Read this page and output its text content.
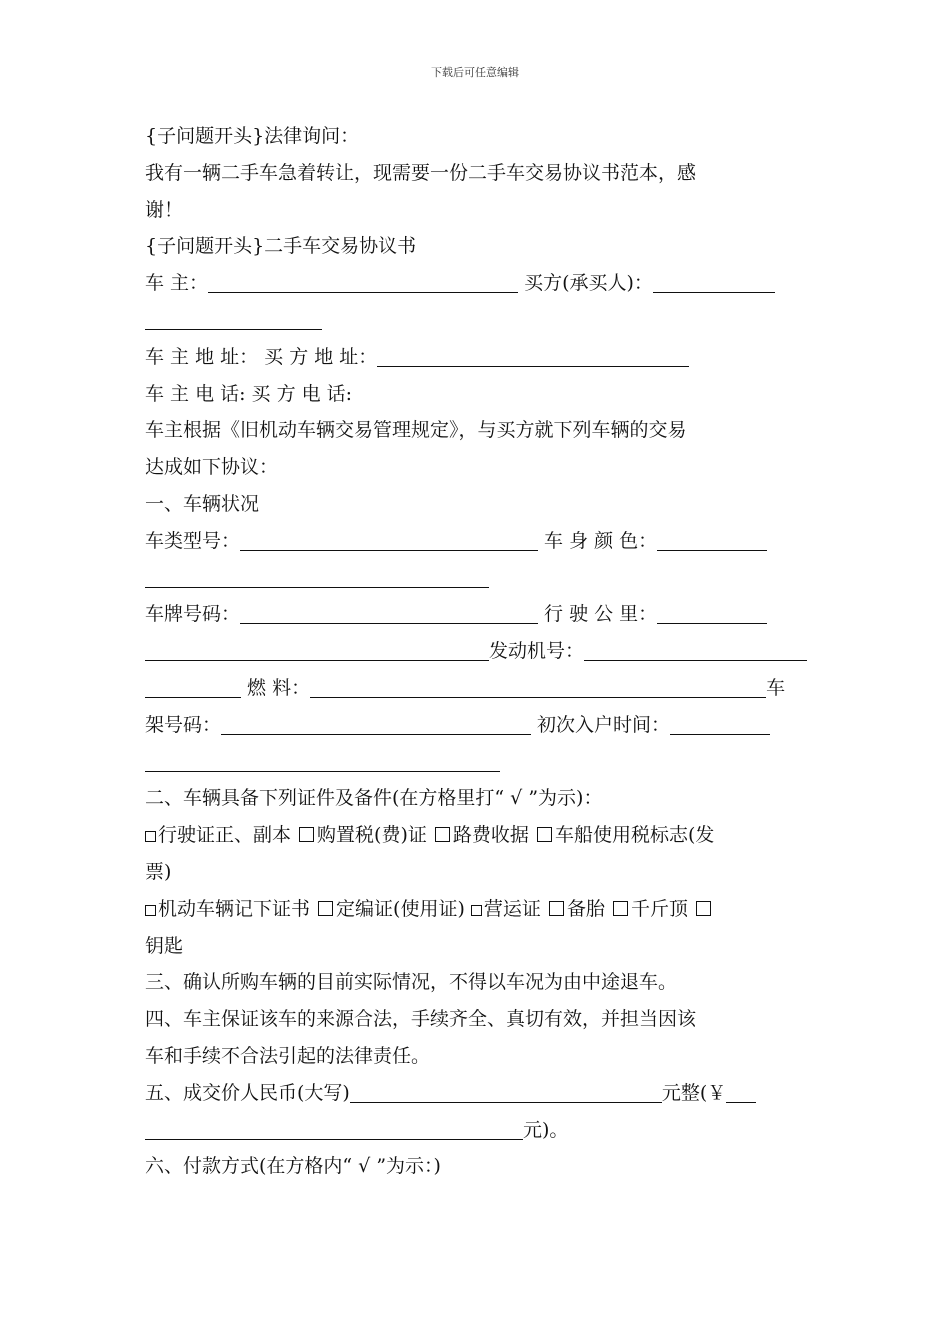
下载后可任意编辑
{子问题开头}法律询问：
我有一辆二手车急着转让，现需要一份二手车交易协议书范本，感
谢！
{子问题开头}二手车交易协议书
车 主：	买方(承买人)：
车 主 地 址： 买 方 地 址：
车 主 电 话: 买 方 电 话:
车主根据《旧机动车辆交易管理规定》，与买方就下列车辆的交易
达成如下协议：
一、车辆状况
车类型号：	车 身 颜 色：
车牌号码：	行 驶 公 里：
发动机号：
燃 料：	车
架号码：	初次入户时间：
二、车辆具备下列证件及备件(在方格里打“ √ ”为示)：
行驶证正、副本 购置税(费)证 路费收据 车船使用税标志(发
票)
机动车辆记下证书 定编证(使用证) 营运证 备胎 千斤顶
钥匙
三、确认所购车辆的目前实际情况，不得以车况为由中途退车。
四、车主保证该车的来源合法，手续齐全、真切有效，并担当因该
车和手续不合法引起的法律责任。
五、成交价人民币(大写)	元整(￥
元)。
六、付款方式(在方格内“ √ ”为示：)
